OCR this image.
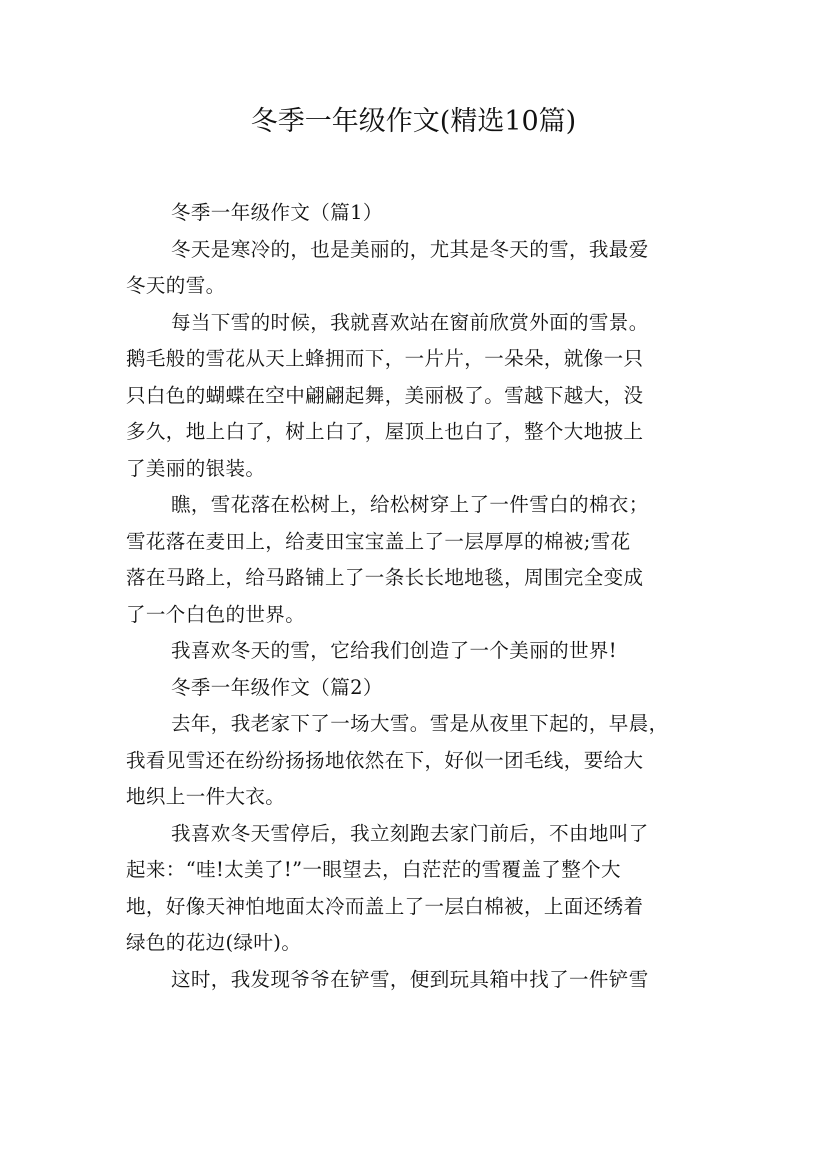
冬季一年级作文(精选10篇)
冬季一年级作文（篇1）
冬天是寒冷的，也是美丽的，尤其是冬天的雪，我最爱
冬天的雪。
每当下雪的时候，我就喜欢站在窗前欣赏外面的雪景。
鹅毛般的雪花从天上蜂拥而下，一片片，一朵朵，就像一只
只白色的蝴蝶在空中翩翩起舞，美丽极了。雪越下越大，没
多久，地上白了，树上白了，屋顶上也白了，整个大地披上
了美丽的银装。
瞧，雪花落在松树上，给松树穿上了一件雪白的棉衣；
雪花落在麦田上，给麦田宝宝盖上了一层厚厚的棉被;雪花
落在马路上，给马路铺上了一条长长地地毯，周围完全变成
了一个白色的世界。
我喜欢冬天的雪，它给我们创造了一个美丽的世界!
冬季一年级作文（篇2）
去年，我老家下了一场大雪。雪是从夜里下起的，早晨，
我看见雪还在纷纷扬扬地依然在下，好似一团毛线，要给大
地织上一件大衣。
我喜欢冬天雪停后，我立刻跑去家门前后，不由地叫了
起来：“哇!太美了!”一眼望去，白茫茫的雪覆盖了整个大
地，好像天神怕地面太冷而盖上了一层白棉被，上面还绣着
绿色的花边(绿叶)。
这时，我发现爷爷在铲雪，便到玩具箱中找了一件铲雪
